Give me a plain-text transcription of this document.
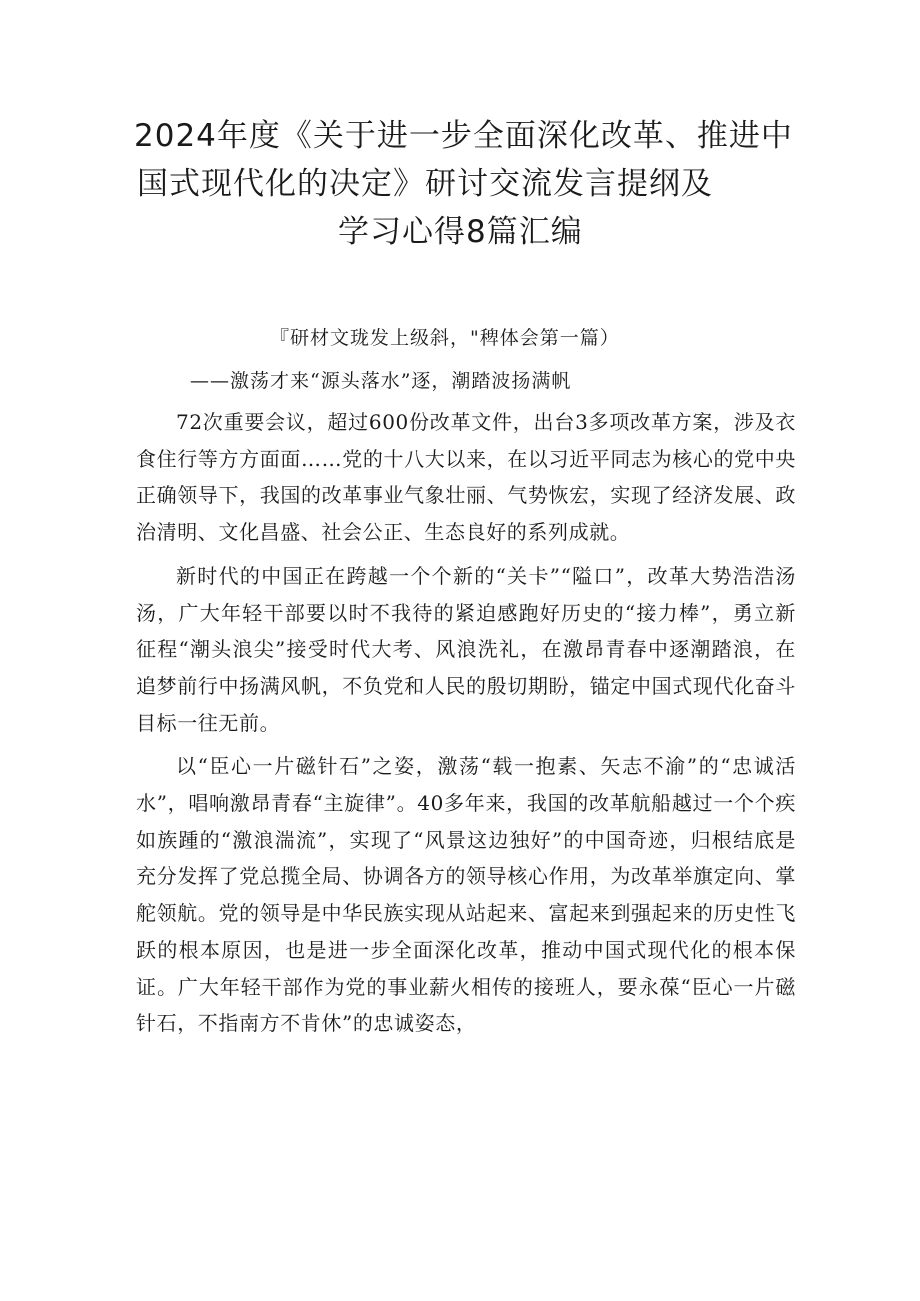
2024年度《关于进一步全面深化改革、推进中
国式现代化的决定》研讨交流发言提纲及
学习心得8篇汇编
『研材文珑发上级斜，"稗体会第一篇）
——激荡才来“源头落水”逐，潮踏波扬满帆

72次重要会议，超过600份改革文件，出台3多项改革方案，涉及衣食住行等方方面面……党的十八大以来，在以习近平同志为核心的党中央正确领导下，我国的改革事业气象壮丽、气势恢宏，实现了经济发展、政治清明、文化昌盛、社会公正、生态良好的系列成就。

新时代的中国正在跨越一个个新的“关卡”“隘口”，改革大势浩浩汤汤，广大年轻干部要以时不我待的紧迫感跑好历史的“接力棒”，勇立新征程“潮头浪尖”接受时代大考、风浪洗礼，在激昂青春中逐潮踏浪，在追梦前行中扬满风帆，不负党和人民的殷切期盼，锚定中国式现代化奋斗目标一往无前。

以“臣心一片磁针石”之姿，激荡“载一抱素、矢志不渝”的“忠诚活水”，唱响激昂青春“主旋律”。40多年来，我国的改革航船越过一个个疾如族踵的“激浪湍流”，实现了“风景这边独好”的中国奇迹，归根结底是充分发挥了党总揽全局、协调各方的领导核心作用，为改革举旗定向、掌舵领航。党的领导是中华民族实现从站起来、富起来到强起来的历史性飞跃的根本原因，也是进一步全面深化改革，推动中国式现代化的根本保证。广大年轻干部作为党的事业薪火相传的接班人，要永葆“臣心一片磁针石，不指南方不肯休”的忠诚姿态，
